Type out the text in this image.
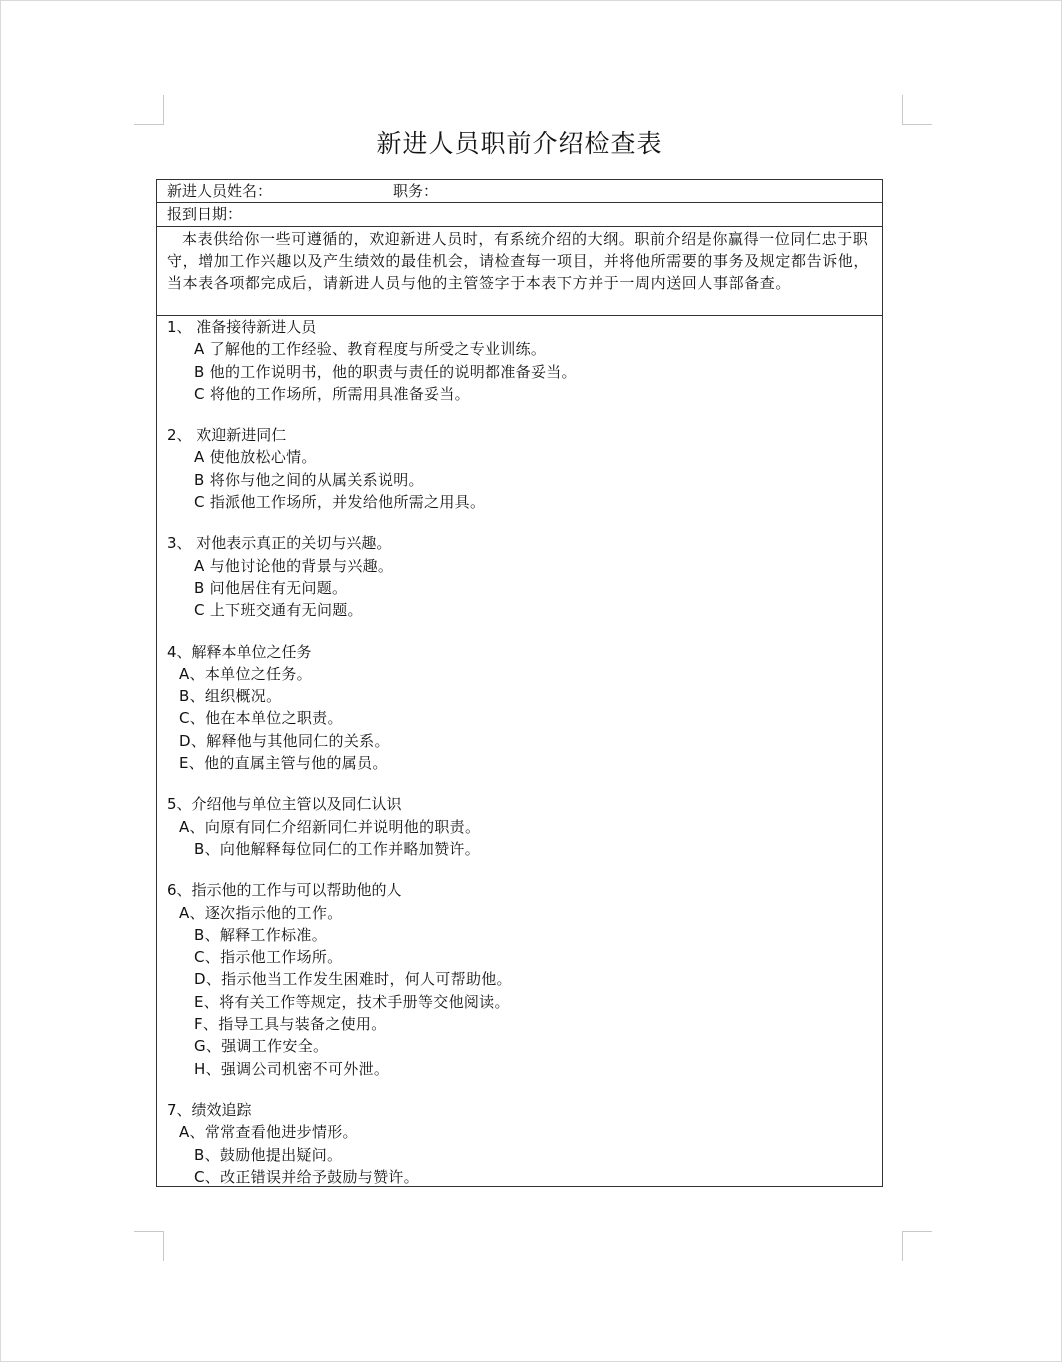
新进人员职前介绍检查表
新进人员姓名：	职务：
报到日期：
本表供给你一些可遵循的，欢迎新进人员时，有系统介绍的大纲。职前介绍是你赢得一位同仁忠于职守，增加工作兴趣以及产生绩效的最佳机会，请检查每一项目，并将他所需要的事务及规定都告诉他，当本表各项都完成后，请新进人员与他的主管签字于本表下方并于一周内送回人事部备查。
1、 准备接待新进人员
A 了解他的工作经验、教育程度与所受之专业训练。
B 他的工作说明书，他的职责与责任的说明都准备妥当。
C 将他的工作场所，所需用具准备妥当。
2、 欢迎新进同仁
A 使他放松心情。
B 将你与他之间的从属关系说明。
C 指派他工作场所，并发给他所需之用具。
3、 对他表示真正的关切与兴趣。
A 与他讨论他的背景与兴趣。
B 问他居住有无问题。
C 上下班交通有无问题。
4、解释本单位之任务
A、本单位之任务。
B、组织概况。
C、他在本单位之职责。
D、解释他与其他同仁的关系。
E、他的直属主管与他的属员。
5、介绍他与单位主管以及同仁认识
A、向原有同仁介绍新同仁并说明他的职责。
B、向他解释每位同仁的工作并略加赞许。
6、指示他的工作与可以帮助他的人
A、逐次指示他的工作。
B、解释工作标准。
C、指示他工作场所。
D、指示他当工作发生困难时，何人可帮助他。
E、将有关工作等规定，技术手册等交他阅读。
F、指导工具与装备之使用。
G、强调工作安全。
H、强调公司机密不可外泄。
7、绩效追踪
A、常常查看他进步情形。
B、鼓励他提出疑问。
C、改正错误并给予鼓励与赞许。
